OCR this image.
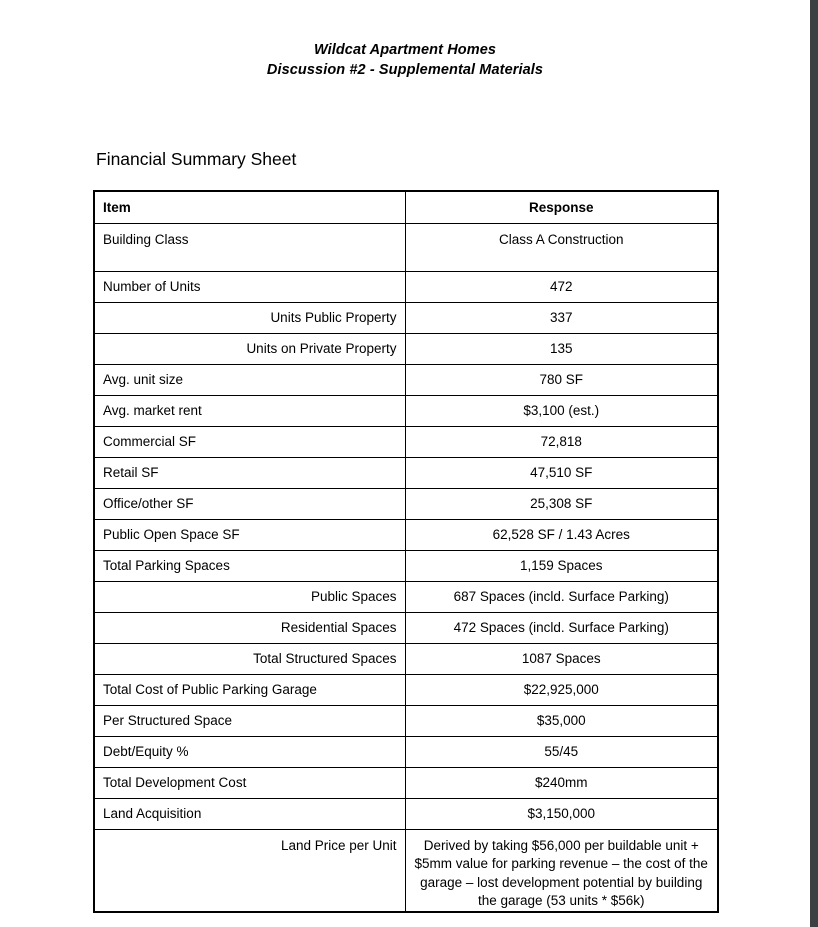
Wildcat Apartment Homes
Discussion #2 - Supplemental Materials
Financial Summary Sheet
Item	Response
Building Class	Class A Construction
Number of Units	472
Units Public Property	337
Units on Private Property	135
Avg. unit size	780 SF
Avg. market rent	$3,100 (est.)
Commercial SF	72,818
Retail SF	47,510 SF
Office/other SF	25,308 SF
Public Open Space SF	62,528 SF / 1.43 Acres
Total Parking Spaces	1,159 Spaces
Public Spaces	687 Spaces (incld. Surface Parking)
Residential Spaces	472 Spaces (incld. Surface Parking)
Total Structured Spaces	1087 Spaces
Total Cost of Public Parking Garage	$22,925,000
Per Structured Space	$35,000
Debt/Equity %	55/45
Total Development Cost	$240mm
Land Acquisition	$3,150,000
Land Price per Unit	Derived by taking $56,000 per buildable unit + $5mm value for parking revenue – the cost of the garage – lost development potential by building the garage (53 units * $56k)
